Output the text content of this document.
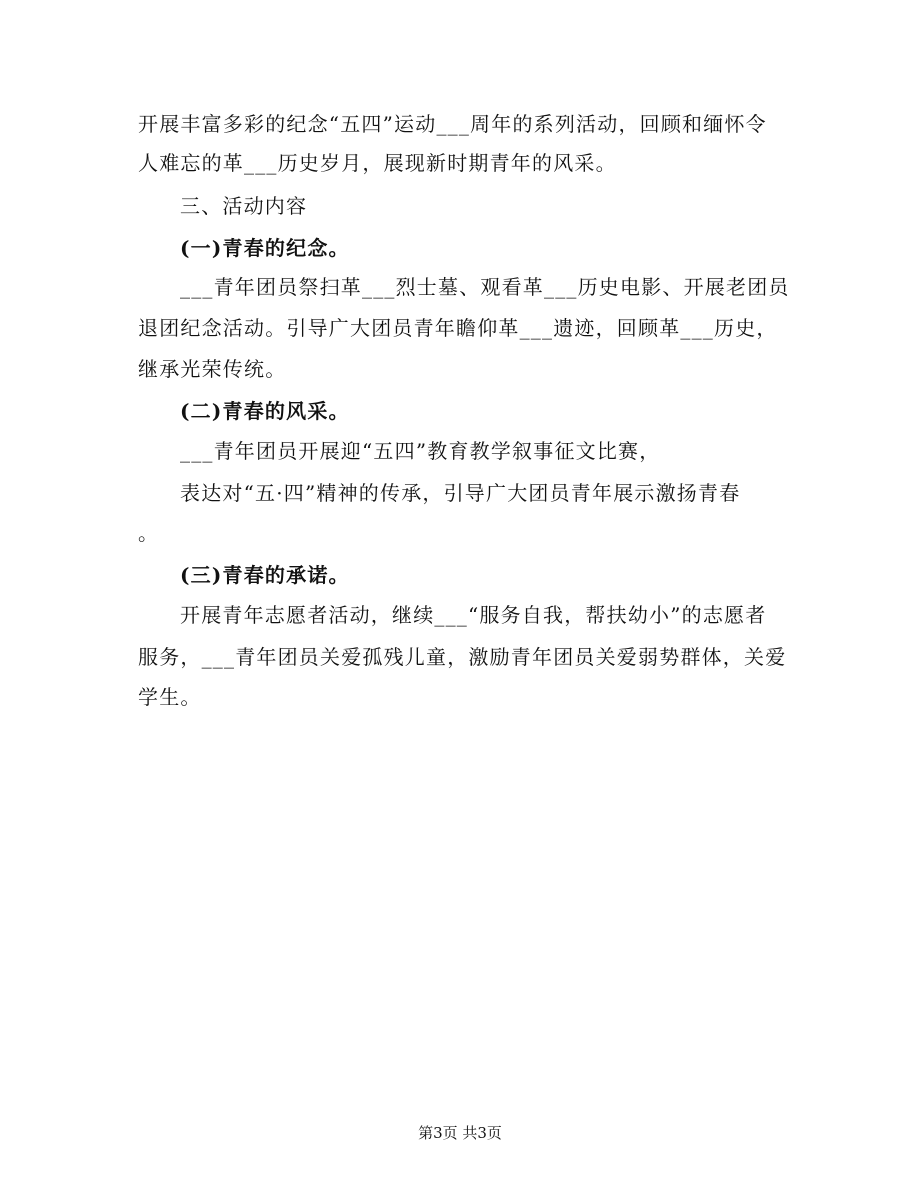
开展丰富多彩的纪念“五四”运动___周年的系列活动，回顾和缅怀令
人难忘的革___历史岁月，展现新时期青年的风采。
三、活动内容
(一)青春的纪念。
___青年团员祭扫革___烈士墓、观看革___历史电影、开展老团员
退团纪念活动。引导广大团员青年瞻仰革___遗迹，回顾革___历史，
继承光荣传统。
(二)青春的风采。
___青年团员开展迎“五四”教育教学叙事征文比赛，
表达对“五·四”精神的传承，引导广大团员青年展示激扬青春
。
(三)青春的承诺。
开展青年志愿者活动，继续___“服务自我，帮扶幼小”的志愿者
服务，___青年团员关爱孤残儿童，激励青年团员关爱弱势群体，关爱
学生。
第3页 共3页
